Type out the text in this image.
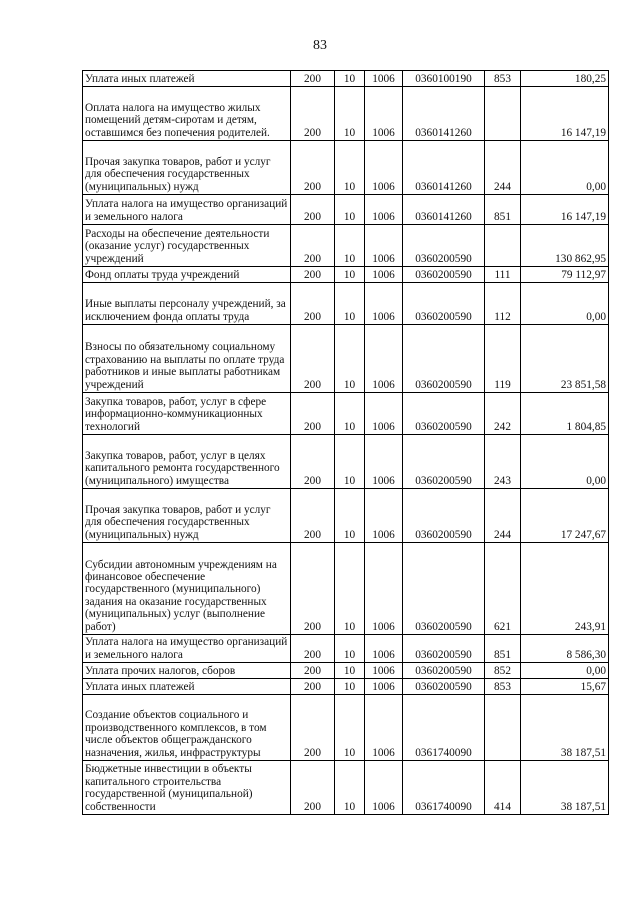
83
Уплата иных платежей	200	10	1006	0360100190	853	180,25
Оплата налога на имущество жилых помещений детям-сиротам и детям, оставшимся без попечения родителей.	200	10	1006	0360141260		16 147,19
Прочая закупка товаров, работ и услуг для обеспечения государственных (муниципальных) нужд	200	10	1006	0360141260	244	0,00
Уплата налога на имущество организаций и земельного налога	200	10	1006	0360141260	851	16 147,19
Расходы на обеспечение деятельности (оказание услуг) государственных учреждений	200	10	1006	0360200590		130 862,95
Фонд оплаты труда учреждений	200	10	1006	0360200590	111	79 112,97
Иные выплаты персоналу учреждений, за исключением фонда оплаты труда	200	10	1006	0360200590	112	0,00
Взносы по обязательному социальному страхованию на выплаты по оплате труда работников и иные выплаты работникам учреждений	200	10	1006	0360200590	119	23 851,58
Закупка товаров, работ, услуг в сфере информационно-коммуникационных технологий	200	10	1006	0360200590	242	1 804,85
Закупка товаров, работ, услуг в целях капитального ремонта государственного (муниципального) имущества	200	10	1006	0360200590	243	0,00
Прочая закупка товаров, работ и услуг для обеспечения государственных (муниципальных) нужд	200	10	1006	0360200590	244	17 247,67
Субсидии автономным учреждениям на финансовое обеспечение государственного (муниципального) задания на оказание государственных (муниципальных) услуг (выполнение работ)	200	10	1006	0360200590	621	243,91
Уплата налога на имущество организаций и земельного налога	200	10	1006	0360200590	851	8 586,30
Уплата прочих налогов, сборов	200	10	1006	0360200590	852	0,00
Уплата иных платежей	200	10	1006	0360200590	853	15,67
Создание объектов социального и производственного комплексов, в том числе объектов общегражданского назначения, жилья, инфраструктуры	200	10	1006	0361740090		38 187,51
Бюджетные инвестиции в объекты капитального строительства государственной (муниципальной) собственности	200	10	1006	0361740090	414	38 187,51
